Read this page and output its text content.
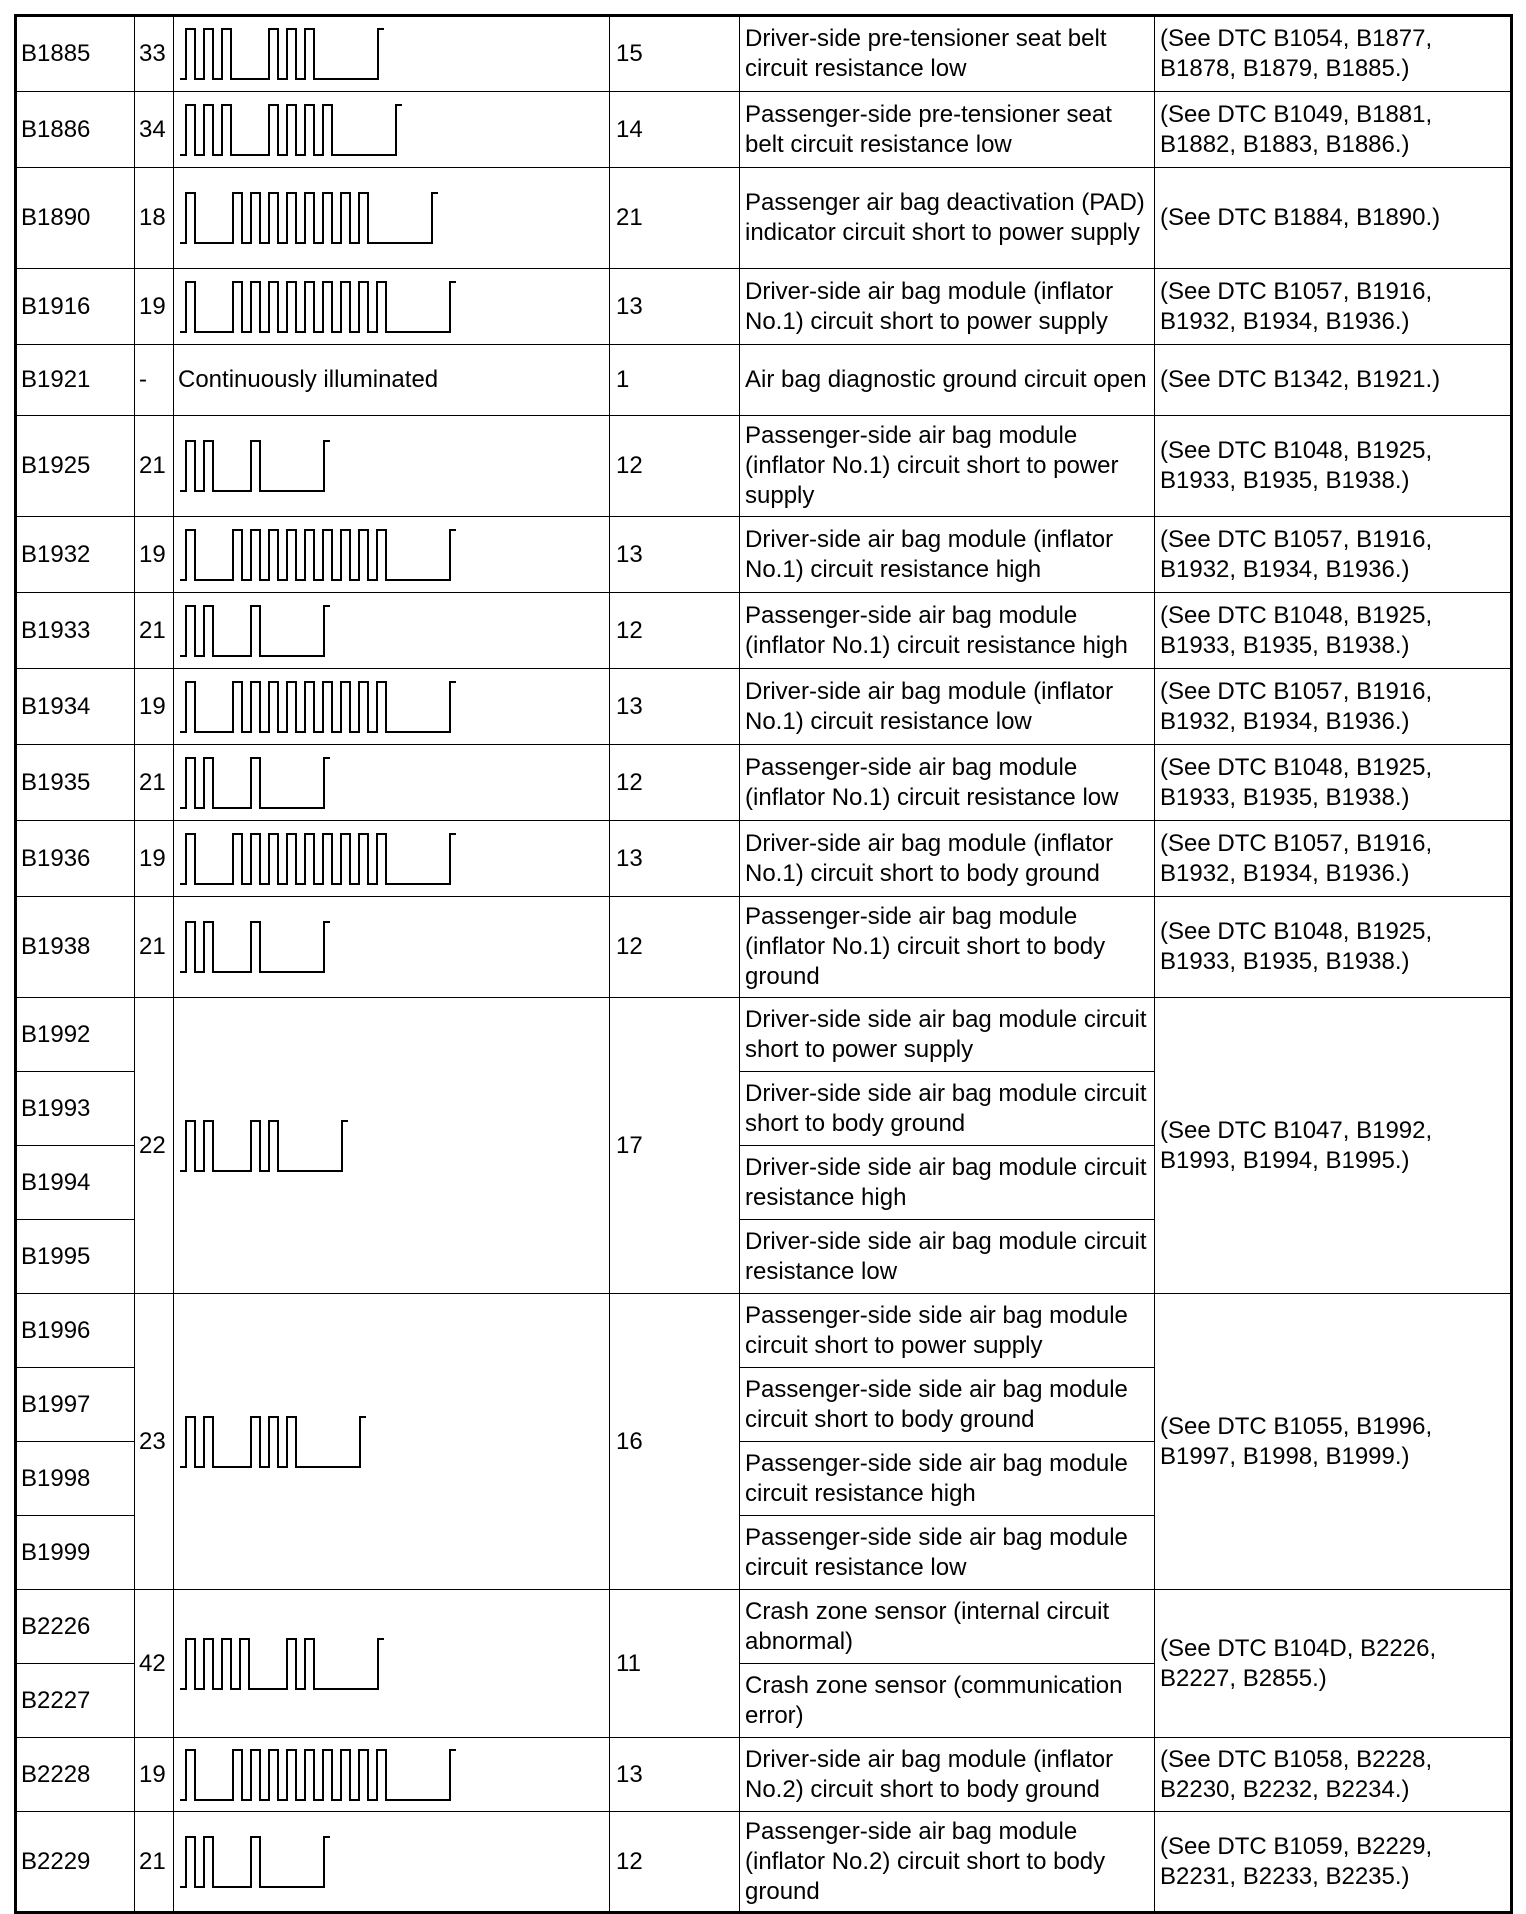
B1885	33		15	Driver-side pre-tensioner seat belt circuit resistance low	(See DTC B1054, B1877, B1878, B1879, B1885.)
B1886	34		14	Passenger-side pre-tensioner seat belt circuit resistance low	(See DTC B1049, B1881, B1882, B1883, B1886.)
B1890	18		21	Passenger air bag deactivation (PAD) indicator circuit short to power supply	(See DTC B1884, B1890.)
B1916	19		13	Driver-side air bag module (inflator No.1) circuit short to power supply	(See DTC B1057, B1916, B1932, B1934, B1936.)
B1921	-	Continuously illuminated	1	Air bag diagnostic ground circuit open	(See DTC B1342, B1921.)
B1925	21		12	Passenger-side air bag module (inflator No.1) circuit short to power supply	(See DTC B1048, B1925, B1933, B1935, B1938.)
B1932	19		13	Driver-side air bag module (inflator No.1) circuit resistance high	(See DTC B1057, B1916, B1932, B1934, B1936.)
B1933	21		12	Passenger-side air bag module (inflator No.1) circuit resistance high	(See DTC B1048, B1925, B1933, B1935, B1938.)
B1934	19		13	Driver-side air bag module (inflator No.1) circuit resistance low	(See DTC B1057, B1916, B1932, B1934, B1936.)
B1935	21		12	Passenger-side air bag module (inflator No.1) circuit resistance low	(See DTC B1048, B1925, B1933, B1935, B1938.)
B1936	19		13	Driver-side air bag module (inflator No.1) circuit short to body ground	(See DTC B1057, B1916, B1932, B1934, B1936.)
B1938	21		12	Passenger-side air bag module (inflator No.1) circuit short to body ground	(See DTC B1048, B1925, B1933, B1935, B1938.)
B1992	22		17	Driver-side side air bag module circuit short to power supply	(See DTC B1047, B1992, B1993, B1994, B1995.)
B1993				Driver-side side air bag module circuit short to body ground	
B1994				Driver-side side air bag module circuit resistance high	
B1995				Driver-side side air bag module circuit resistance low	
B1996	23		16	Passenger-side side air bag module circuit short to power supply	(See DTC B1055, B1996, B1997, B1998, B1999.)
B1997				Passenger-side side air bag module circuit short to body ground	
B1998				Passenger-side side air bag module circuit resistance high	
B1999				Passenger-side side air bag module circuit resistance low	
B2226	42		11	Crash zone sensor (internal circuit abnormal)	(See DTC B104D, B2226, B2227, B2855.)
B2227				Crash zone sensor (communication error)	
B2228	19		13	Driver-side air bag module (inflator No.2) circuit short to body ground	(See DTC B1058, B2228, B2230, B2232, B2234.)
B2229	21		12	Passenger-side air bag module (inflator No.2) circuit short to body ground	(See DTC B1059, B2229, B2231, B2233, B2235.)
